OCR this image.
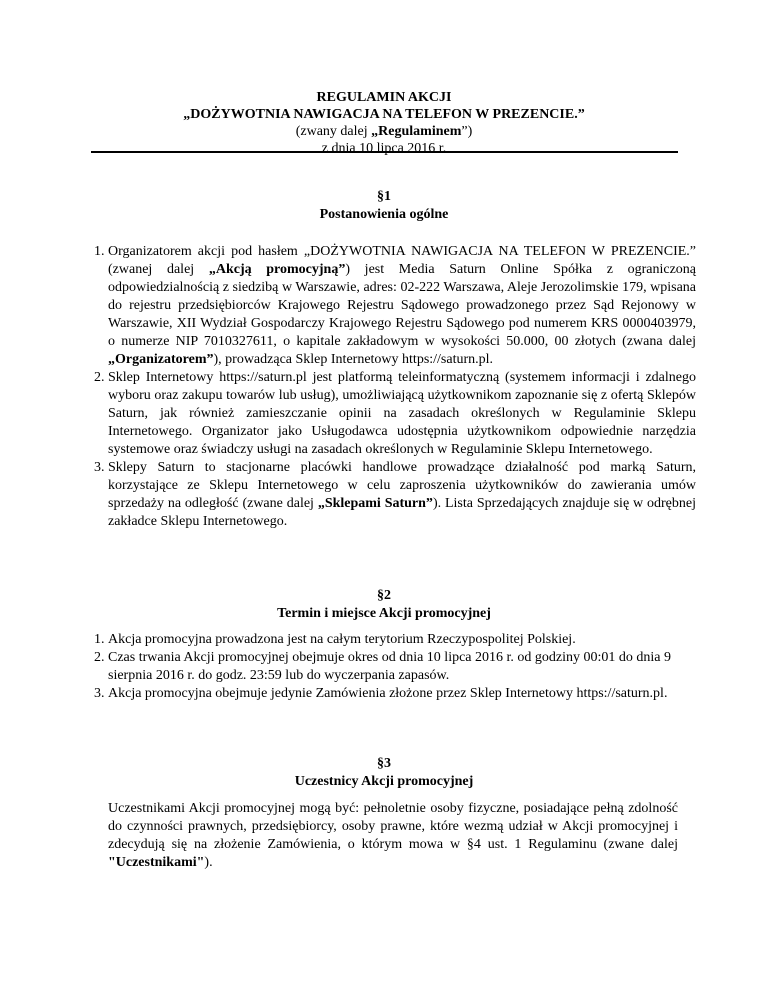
REGULAMIN AKCJI
„DOŻYWOTNIA NAWIGACJA NA TELEFON W PREZENCIE.”
(zwany dalej „Regulaminem”)
z dnia 10 lipca 2016 r.
§1
Postanowienia ogólne
1. Organizatorem akcji pod hasłem „DOŻYWOTNIA NAWIGACJA NA TELEFON W PREZENCIE.” (zwanej dalej „Akcją promocyjną”) jest Media Saturn Online Spółka z ograniczoną odpowiedzialnością z siedzibą w Warszawie, adres: 02-222 Warszawa, Aleje Jerozolimskie 179, wpisana do rejestru przedsiębiorców Krajowego Rejestru Sądowego prowadzonego przez Sąd Rejonowy w Warszawie, XII Wydział Gospodarczy Krajowego Rejestru Sądowego pod numerem KRS 0000403979, o numerze NIP 7010327611, o kapitale zakładowym w wysokości 50.000, 00 złotych (zwana dalej „Organizatorem”), prowadząca Sklep Internetowy https://saturn.pl.
2. Sklep Internetowy https://saturn.pl jest platformą teleinformatyczną (systemem informacji i zdalnego wyboru oraz zakupu towarów lub usług), umożliwiającą użytkownikom zapoznanie się z ofertą Sklepów Saturn, jak również zamieszczanie opinii na zasadach określonych w Regulaminie Sklepu Internetowego. Organizator jako Usługodawca udostępnia użytkownikom odpowiednie narzędzia systemowe oraz świadczy usługi na zasadach określonych w Regulaminie Sklepu Internetowego.
3. Sklepy Saturn to stacjonarne placówki handlowe prowadzące działalność pod marką Saturn, korzystające ze Sklepu Internetowego w celu zaproszenia użytkowników do zawierania umów sprzedaży na odległość (zwane dalej „Sklepami Saturn”). Lista Sprzedających znajduje się w odrębnej zakładce Sklepu Internetowego.
§2
Termin i miejsce Akcji promocyjnej
1. Akcja promocyjna prowadzona jest na całym terytorium Rzeczypospolitej Polskiej.
2. Czas trwania Akcji promocyjnej obejmuje okres od dnia 10 lipca 2016 r. od godziny 00:01 do dnia 9 sierpnia 2016 r. do godz. 23:59 lub do wyczerpania zapasów.
3. Akcja promocyjna obejmuje jedynie Zamówienia złożone przez Sklep Internetowy https://saturn.pl.
§3
Uczestnicy Akcji promocyjnej

Uczestnikami Akcji promocyjnej mogą być: pełnoletnie osoby fizyczne, posiadające pełną zdolność do czynności prawnych, przedsiębiorcy, osoby prawne, które wezmą udział w Akcji promocyjnej i zdecydują się na złożenie Zamówienia, o którym mowa w §4 ust. 1 Regulaminu (zwane dalej "Uczestnikami").
